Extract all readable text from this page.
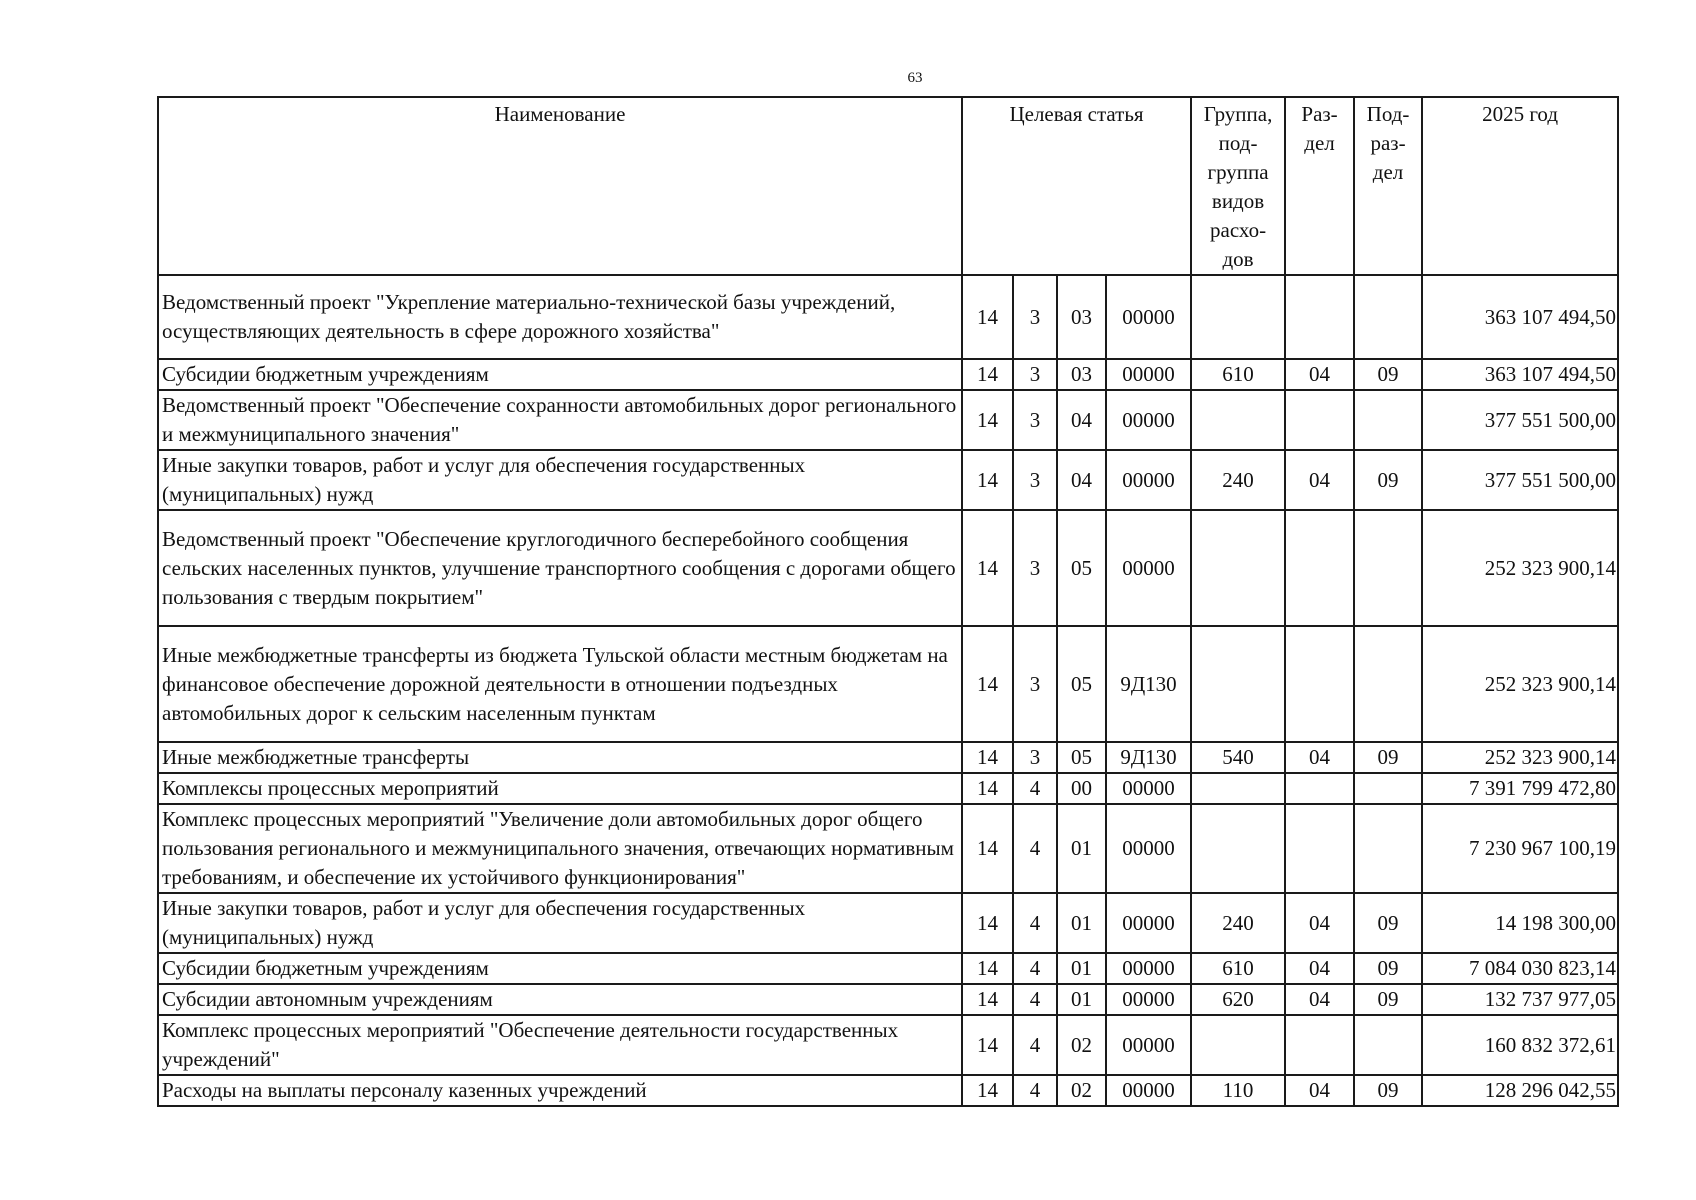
63
Наименование	Целевая статья				Группа, под- группа видов расхо- дов	Раз- дел	Под- раз- дел	2025 год
Ведомственный проект "Укрепление материально-технической базы учреждений, осуществляющих деятельность в сфере дорожного хозяйства"	14	3	03	00000				363 107 494,50
Субсидии бюджетным учреждениям	14	3	03	00000	610	04	09	363 107 494,50
Ведомственный проект "Обеспечение сохранности автомобильных дорог регионального и межмуниципального значения"	14	3	04	00000				377 551 500,00
Иные закупки товаров, работ и услуг для обеспечения государственных (муниципальных) нужд	14	3	04	00000	240	04	09	377 551 500,00
Ведомственный проект "Обеспечение круглогодичного бесперебойного сообщения сельских населенных пунктов, улучшение транспортного сообщения с дорогами общего пользования с твердым покрытием"	14	3	05	00000				252 323 900,14
Иные межбюджетные трансферты из бюджета Тульской области местным бюджетам на финансовое обеспечение дорожной деятельности в отношении подъездных автомобильных дорог к сельским населенным пунктам	14	3	05	9Д130				252 323 900,14
Иные межбюджетные трансферты	14	3	05	9Д130	540	04	09	252 323 900,14
Комплексы процессных мероприятий	14	4	00	00000				7 391 799 472,80
Комплекс процессных мероприятий "Увеличение доли автомобильных дорог общего пользования регионального и межмуниципального значения, отвечающих нормативным требованиям, и обеспечение их устойчивого функционирования"	14	4	01	00000				7 230 967 100,19
Иные закупки товаров, работ и услуг для обеспечения государственных (муниципальных) нужд	14	4	01	00000	240	04	09	14 198 300,00
Субсидии бюджетным учреждениям	14	4	01	00000	610	04	09	7 084 030 823,14
Субсидии автономным учреждениям	14	4	01	00000	620	04	09	132 737 977,05
Комплекс процессных мероприятий "Обеспечение деятельности государственных учреждений"	14	4	02	00000				160 832 372,61
Расходы на выплаты персоналу казенных учреждений	14	4	02	00000	110	04	09	128 296 042,55
